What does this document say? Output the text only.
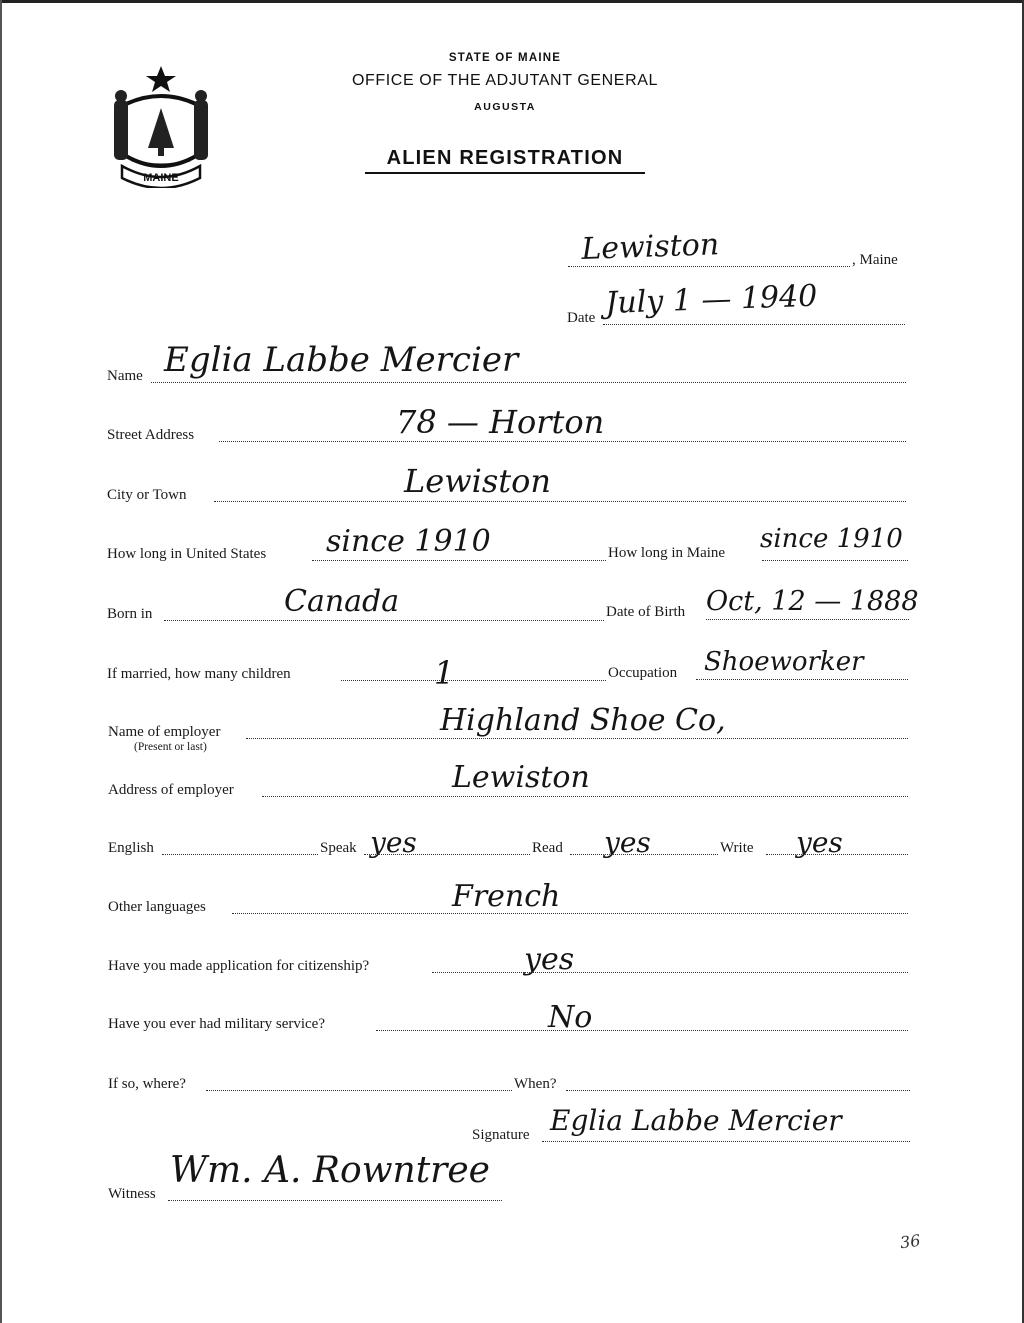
MAINE
STATE OF MAINE
OFFICE OF THE ADJUTANT GENERAL
AUGUSTA
ALIEN REGISTRATION
Lewiston	, Maine
Date July 1 — 1940
Name Eglia Labbe Mercier
Street Address	78 — Horton
City or Town	Lewiston
How long in United States since 1910	How long in Maine since 1910
Born in	Canada	Date of Birth Oct, 12 — 1888
If married, how many children	1	Occupation Shoeworker
Name of employer
(Present or last)
Highland Shoe Co,
Address of employer	Lewiston
English	Speak yes	Read yes	Write yes
Other languages	French
Have you made application for citizenship?	yes
Have you ever had military service?	No
If so, where?	When?
Signature Eglia Labbe Mercier
Witness
Wm. A. Rowntree
36
